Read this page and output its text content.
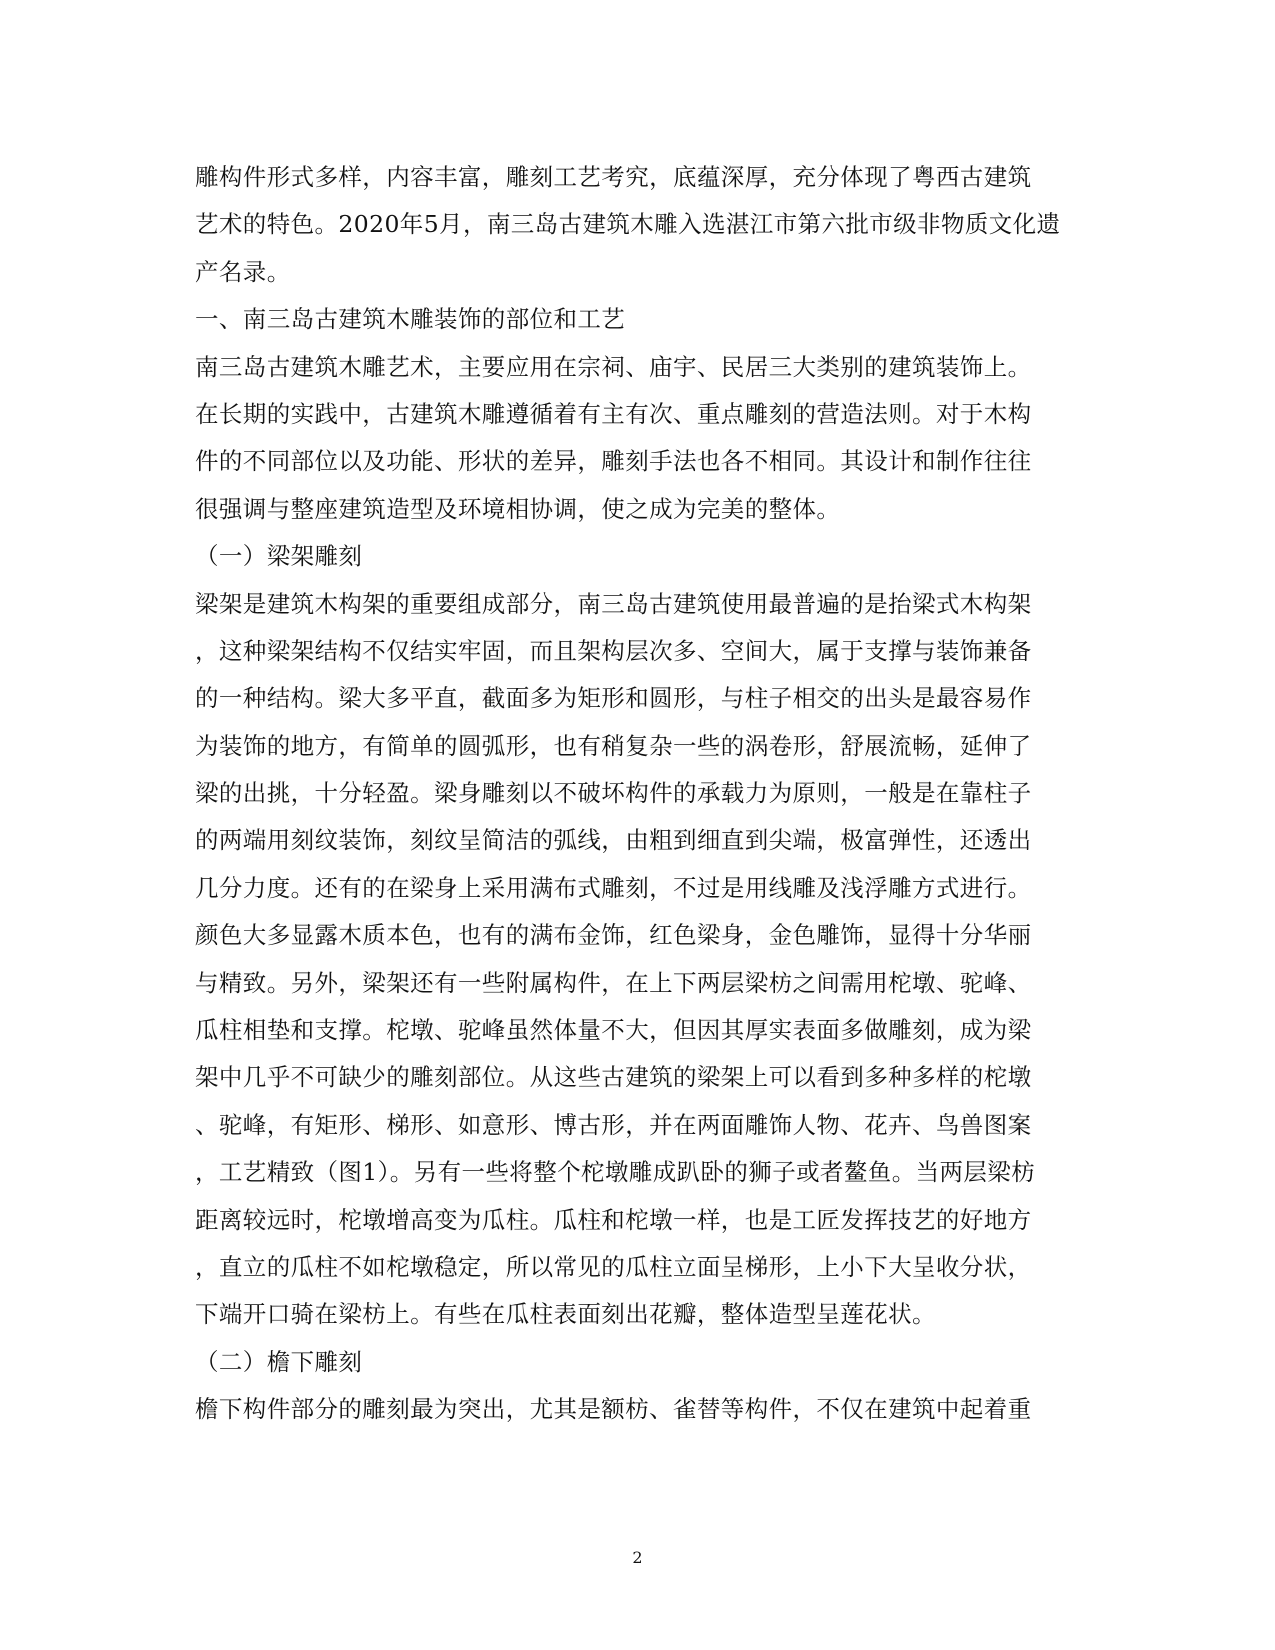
雕构件形式多样，内容丰富，雕刻工艺考究，底蕴深厚，充分体现了粤西古建筑
艺术的特色。2020年5月，南三岛古建筑木雕入选湛江市第六批市级非物质文化遗
产名录。
一、南三岛古建筑木雕装饰的部位和工艺
南三岛古建筑木雕艺术，主要应用在宗祠、庙宇、民居三大类别的建筑装饰上。
在长期的实践中，古建筑木雕遵循着有主有次、重点雕刻的营造法则。对于木构
件的不同部位以及功能、形状的差异，雕刻手法也各不相同。其设计和制作往往
很强调与整座建筑造型及环境相协调，使之成为完美的整体。
（一）梁架雕刻
梁架是建筑木构架的重要组成部分，南三岛古建筑使用最普遍的是抬梁式木构架
，这种梁架结构不仅结实牢固，而且架构层次多、空间大，属于支撑与装饰兼备
的一种结构。梁大多平直，截面多为矩形和圆形，与柱子相交的出头是最容易作
为装饰的地方，有简单的圆弧形，也有稍复杂一些的涡卷形，舒展流畅，延伸了
梁的出挑，十分轻盈。梁身雕刻以不破坏构件的承载力为原则，一般是在靠柱子
的两端用刻纹装饰，刻纹呈简洁的弧线，由粗到细直到尖端，极富弹性，还透出
几分力度。还有的在梁身上采用满布式雕刻，不过是用线雕及浅浮雕方式进行。
颜色大多显露木质本色，也有的满布金饰，红色梁身，金色雕饰，显得十分华丽
与精致。另外，梁架还有一些附属构件，在上下两层梁枋之间需用柁墩、驼峰、
瓜柱相垫和支撑。柁墩、驼峰虽然体量不大，但因其厚实表面多做雕刻，成为梁
架中几乎不可缺少的雕刻部位。从这些古建筑的梁架上可以看到多种多样的柁墩
、驼峰，有矩形、梯形、如意形、博古形，并在两面雕饰人物、花卉、鸟兽图案
，工艺精致（图1）。另有一些将整个柁墩雕成趴卧的狮子或者鳌鱼。当两层梁枋
距离较远时，柁墩增高变为瓜柱。瓜柱和柁墩一样，也是工匠发挥技艺的好地方
，直立的瓜柱不如柁墩稳定，所以常见的瓜柱立面呈梯形，上小下大呈收分状，
下端开口骑在梁枋上。有些在瓜柱表面刻出花瓣，整体造型呈莲花状。
（二）檐下雕刻
檐下构件部分的雕刻最为突出，尤其是额枋、雀替等构件，不仅在建筑中起着重
2
